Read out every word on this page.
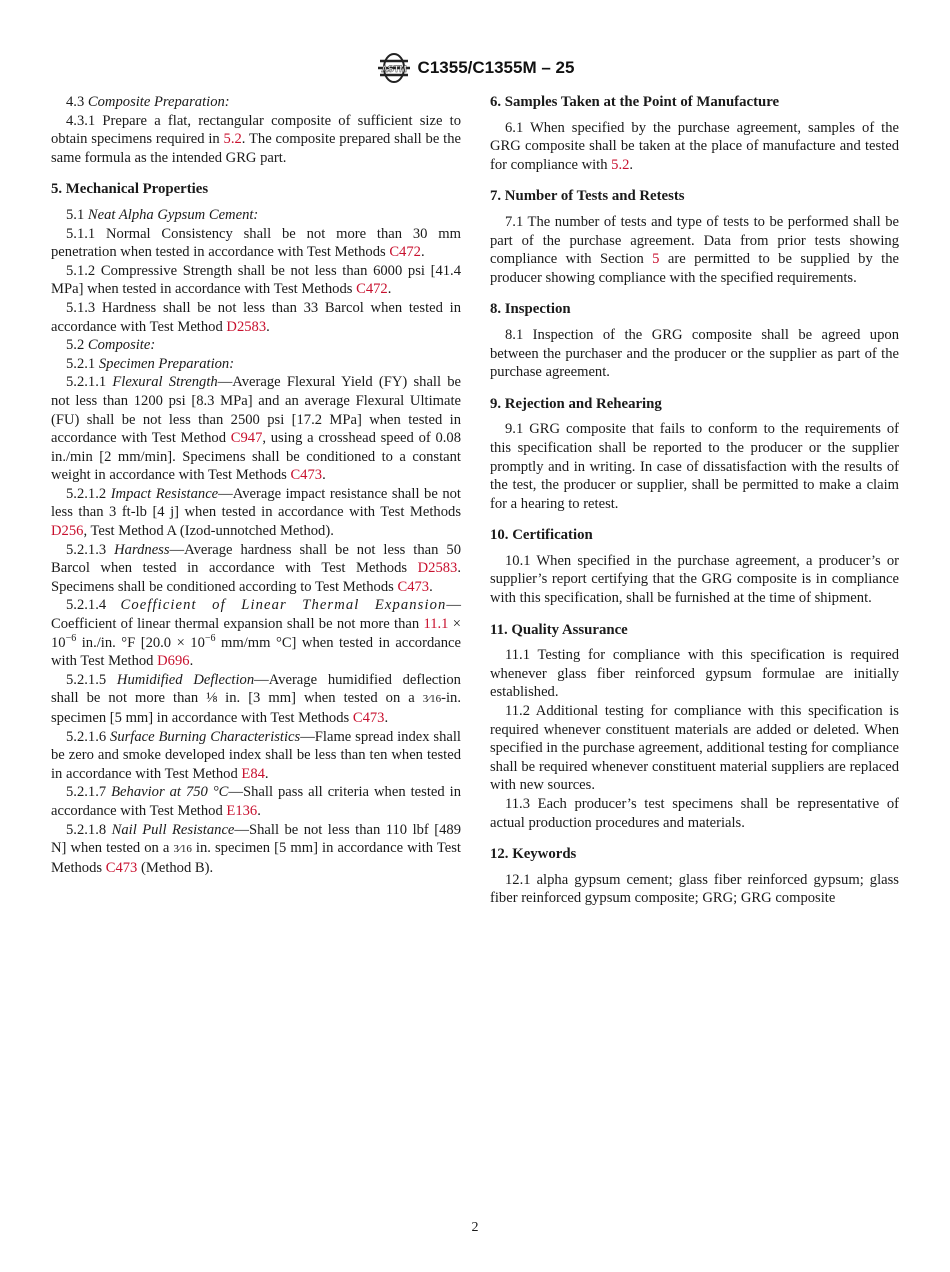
ASTM C1355/C1355M – 25

4.3 Composite Preparation:

4.3.1 Prepare a flat, rectangular composite of sufficient size to obtain specimens required in 5.2. The composite prepared shall be the same formula as the intended GRG part.

5. Mechanical Properties

5.1 Neat Alpha Gypsum Cement:

5.1.1 Normal Consistency shall be not more than 30 mm penetration when tested in accordance with Test Methods C472.

5.1.2 Compressive Strength shall be not less than 6000 psi [41.4 MPa] when tested in accordance with Test Methods C472.

5.1.3 Hardness shall be not less than 33 Barcol when tested in accordance with Test Method D2583.

5.2 Composite:

5.2.1 Specimen Preparation:

5.2.1.1 Flexural Strength—Average Flexural Yield (FY) shall be not less than 1200 psi [8.3 MPa] and an average Flexural Ultimate (FU) shall be not less than 2500 psi [17.2 MPa] when tested in accordance with Test Method C947, using a crosshead speed of 0.08 in./min [2 mm/min]. Specimens shall be conditioned to a constant weight in accordance with Test Methods C473.

5.2.1.2 Impact Resistance—Average impact resistance shall be not less than 3 ft-lb [4 j] when tested in accordance with Test Methods D256, Test Method A (Izod-unnotched Method).

5.2.1.3 Hardness—Average hardness shall be not less than 50 Barcol when tested in accordance with Test Methods D2583. Specimens shall be conditioned according to Test Methods C473.

5.2.1.4 Coefficient of Linear Thermal Expansion— Coefficient of linear thermal expansion shall be not more than $11.1 \times 10^{-6}$ in./in. °F [$20.0 \times 10^{-6}$ mm/mm °C] when tested in accordance with Test Method D696.

5.2.1.5 Humidified Deflection—Average humidified deflection shall be not more than ⅛ in. [3 mm] when tested on a 3⁄16-in. specimen [5 mm] in accordance with Test Methods C473.

5.2.1.6 Surface Burning Characteristics—Flame spread index shall be zero and smoke developed index shall be less than ten when tested in accordance with Test Method E84.

5.2.1.7 Behavior at 750 °C—Shall pass all criteria when tested in accordance with Test Method E136.

5.2.1.8 Nail Pull Resistance—Shall be not less than 110 lbf [489 N] when tested on a 3⁄16 in. specimen [5 mm] in accordance with Test Methods C473 (Method B).

6. Samples Taken at the Point of Manufacture

6.1 When specified by the purchase agreement, samples of the GRG composite shall be taken at the place of manufacture and tested for compliance with 5.2.

7. Number of Tests and Retests

7.1 The number of tests and type of tests to be performed shall be part of the purchase agreement. Data from prior tests showing compliance with Section 5 are permitted to be supplied by the producer showing compliance with the specified requirements.

8. Inspection

8.1 Inspection of the GRG composite shall be agreed upon between the purchaser and the producer or the supplier as part of the purchase agreement.

9. Rejection and Rehearing

9.1 GRG composite that fails to conform to the requirements of this specification shall be reported to the producer or the supplier promptly and in writing. In case of dissatisfaction with the results of the test, the producer or supplier, shall be permitted to make a claim for a hearing to retest.

10. Certification

10.1 When specified in the purchase agreement, a producer’s or supplier’s report certifying that the GRG composite is in compliance with this specification, shall be furnished at the time of shipment.

11. Quality Assurance

11.1 Testing for compliance with this specification is required whenever glass fiber reinforced gypsum formulae are initially established.

11.2 Additional testing for compliance with this specification is required whenever constituent materials are added or deleted. When specified in the purchase agreement, additional testing for compliance shall be required whenever constituent material suppliers are replaced with new sources.

11.3 Each producer’s test specimens shall be representative of actual production procedures and materials.

12. Keywords

12.1 alpha gypsum cement; glass fiber reinforced gypsum; glass fiber reinforced gypsum composite; GRG; GRG composite

2
